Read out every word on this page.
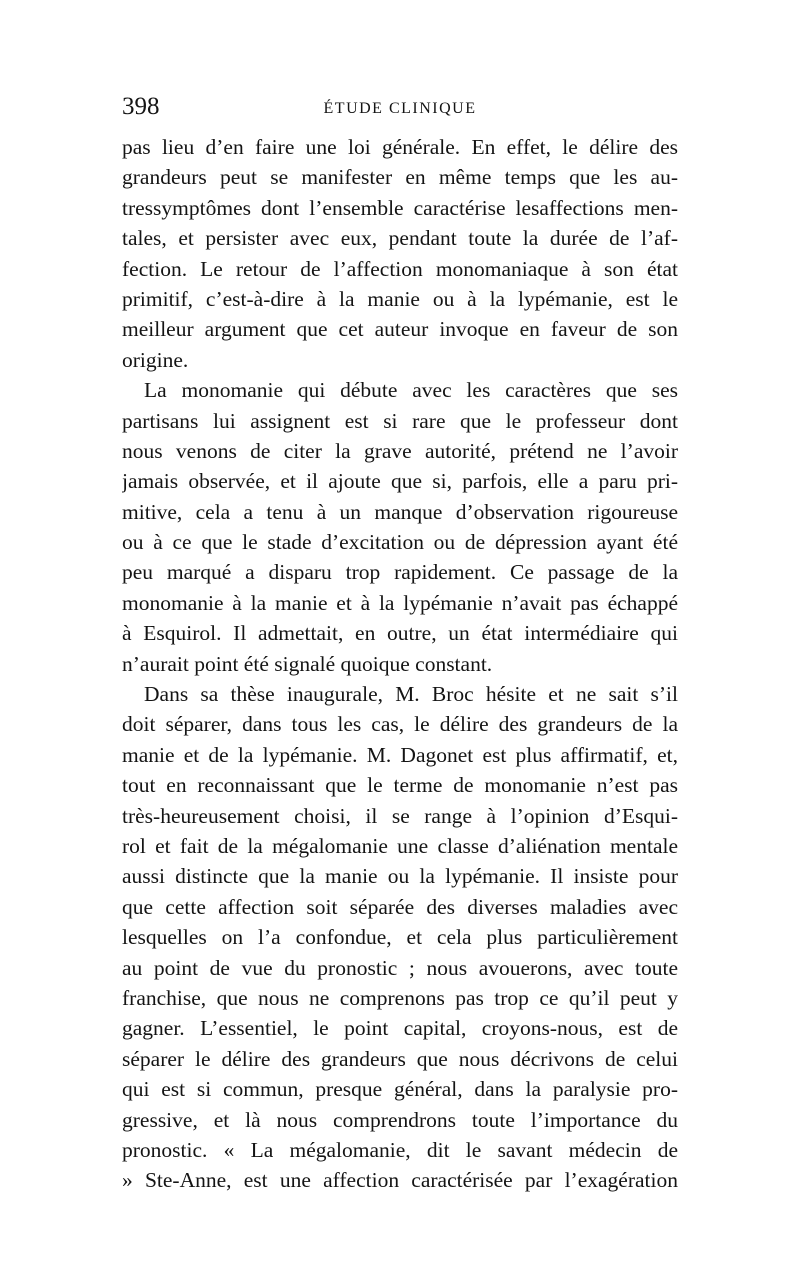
398	ÉTUDE CLINIQUE
pas lieu d’en faire une loi générale. En effet, le délire des
grandeurs peut se manifester en même temps que les au-
tressymptômes dont l’ensemble caractérise lesaffections men-
tales, et persister avec eux, pendant toute la durée de l’af-
fection. Le retour de l’affection monomaniaque à son état
primitif, c’est-à-dire à la manie ou à la lypémanie, est le
meilleur argument que cet auteur invoque en faveur de son
origine.
La monomanie qui débute avec les caractères que ses
partisans lui assignent est si rare que le professeur dont
nous venons de citer la grave autorité, prétend ne l’avoir
jamais observée, et il ajoute que si, parfois, elle a paru pri-
mitive, cela a tenu à un manque d’observation rigoureuse
ou à ce que le stade d’excitation ou de dépression ayant été
peu marqué a disparu trop rapidement. Ce passage de la
monomanie à la manie et à la lypémanie n’avait pas échappé
à Esquirol. Il admettait, en outre, un état intermédiaire qui
n’aurait point été signalé quoique constant.
Dans sa thèse inaugurale, M. Broc hésite et ne sait s’il
doit séparer, dans tous les cas, le délire des grandeurs de la
manie et de la lypémanie. M. Dagonet est plus affirmatif, et,
tout en reconnaissant que le terme de monomanie n’est pas
très-heureusement choisi, il se range à l’opinion d’Esqui-
rol et fait de la mégalomanie une classe d’aliénation mentale
aussi distincte que la manie ou la lypémanie. Il insiste pour
que cette affection soit séparée des diverses maladies avec
lesquelles on l’a confondue, et cela plus particulièrement
au point de vue du pronostic ; nous avouerons, avec toute
franchise, que nous ne comprenons pas trop ce qu’il peut y
gagner. L’essentiel, le point capital, croyons-nous, est de
séparer le délire des grandeurs que nous décrivons de celui
qui est si commun, presque général, dans la paralysie pro-
gressive, et là nous comprendrons toute l’importance du
pronostic. « La mégalomanie, dit le savant médecin de
» Ste-Anne, est une affection caractérisée par l’exagération
